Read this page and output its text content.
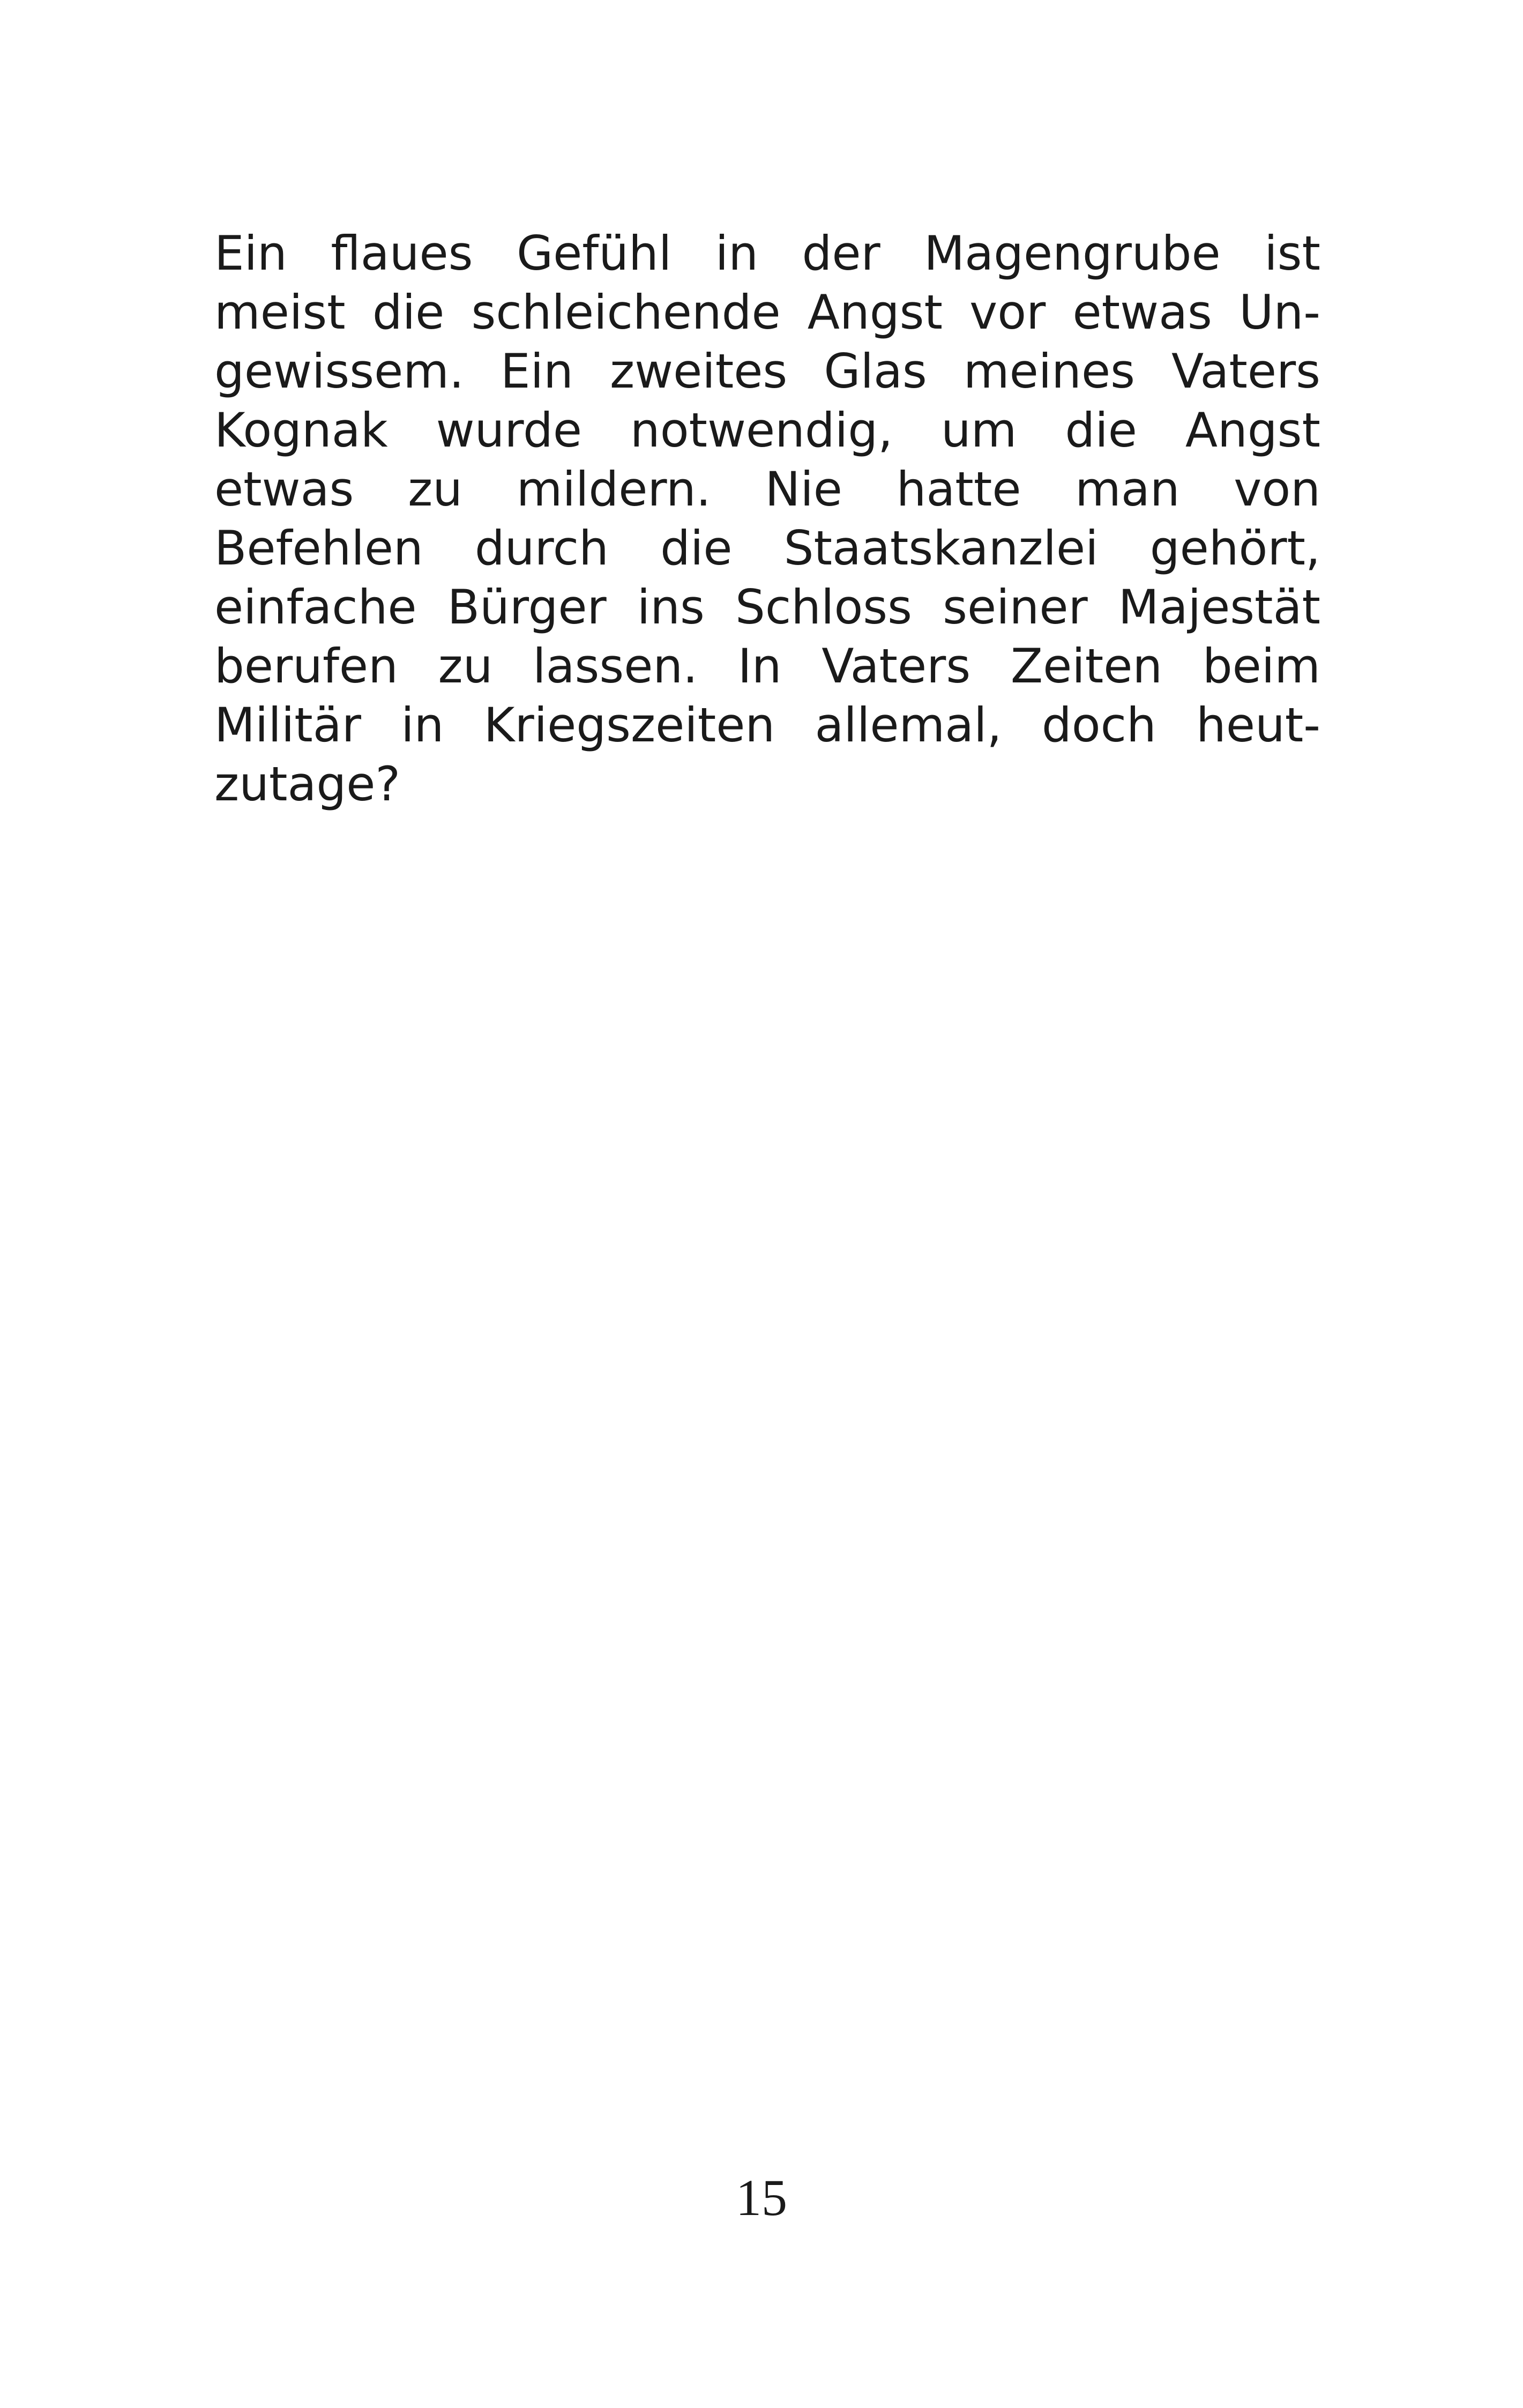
Ein flaues Gefühl in der Magengrube ist
meist die schleichende Angst vor etwas Un-
gewissem. Ein zweites Glas meines Vaters
Kognak wurde notwendig, um die Angst
etwas zu mildern. Nie hatte man von
Befehlen durch die Staatskanzlei gehört,
einfache Bürger ins Schloss seiner Majestät
berufen zu lassen. In Vaters Zeiten beim
Militär in Kriegszeiten allemal, doch heut-
zutage?
15
